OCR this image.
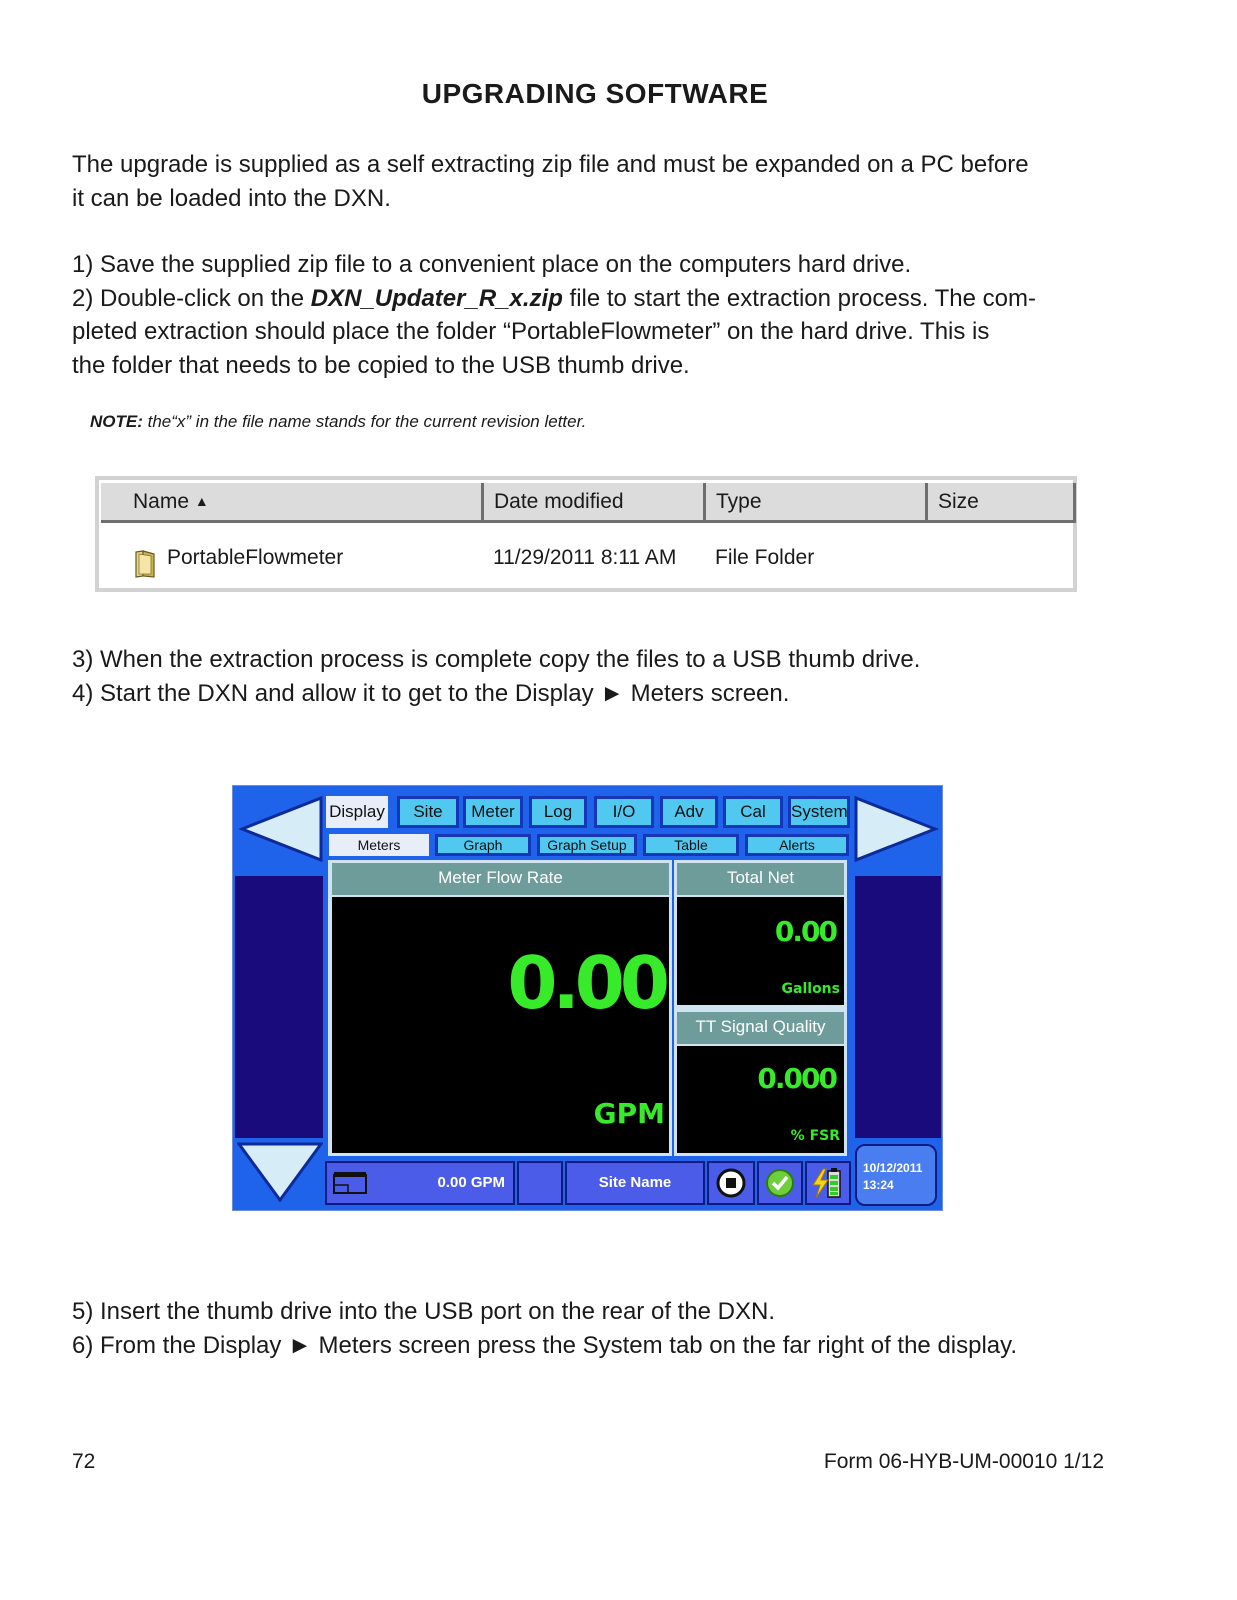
UPGRADING SOFTWARE
The upgrade is supplied as a self extracting zip file and must be expanded on a PC before
it can be loaded into the DXN.
1) Save the supplied zip file to a convenient place on the computers hard drive.
2) Double-click on the DXN_Updater_R_x.zip file to start the extraction process. The com-
pleted extraction should place the folder “PortableFlowmeter” on the hard drive. This is
the folder that needs to be copied to the USB thumb drive.
NOTE: the“x” in the file name stands for the current revision letter.
Name ▲	Date modified	Type	Size
PortableFlowmeter	11/29/2011 8:11 AM	File Folder
3) When the extraction process is complete copy the files to a USB thumb drive.
4) Start the DXN and allow it to get to the Display ► Meters screen.
Display	Site	Meter	Log	I/O	Adv	Cal	System
Meters	Graph	Graph Setup	Table	Alerts
Meter Flow Rate
0.00
GPM
Total Net
0.00
Gallons
TT Signal Quality
0.000
% FSR
0.00 GPM	Site Name
10/12/2011
13:24
5) Insert the thumb drive into the USB port on the rear of the DXN.
6) From the Display ► Meters screen press the System tab on the far right of the display.
72	Form 06-HYB-UM-00010 1/12
